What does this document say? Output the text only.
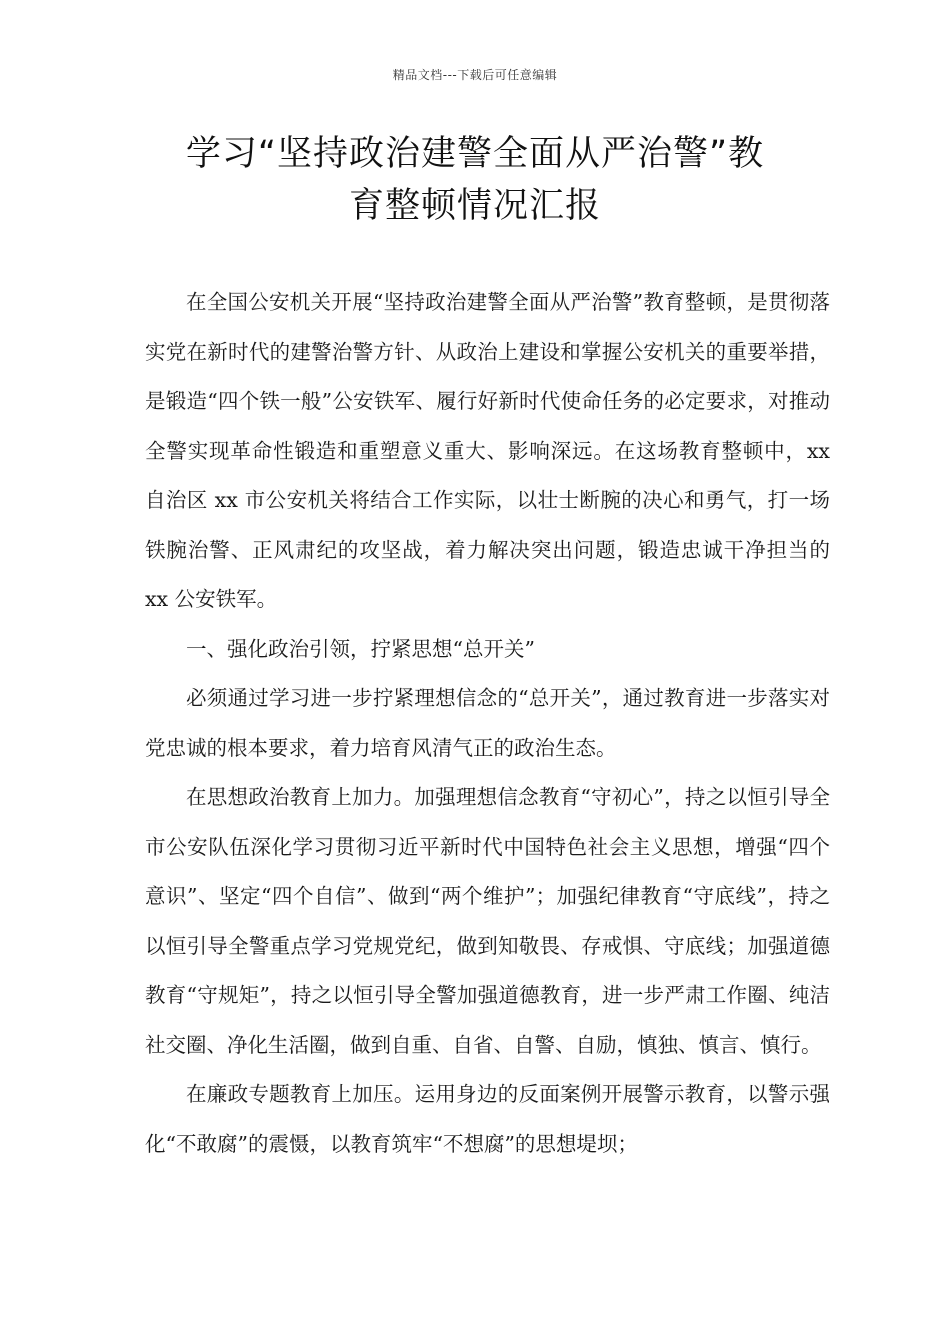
精品文档---下载后可任意编辑
学习“坚持政治建警全面从严治警”教
育整顿情况汇报

在全国公安机关开展“坚持政治建警全面从严治警”教育整顿，是贯彻落实党在新时代的建警治警方针、从政治上建设和掌握公安机关的重要举措，是锻造“四个铁一般”公安铁军、履行好新时代使命任务的必定要求，对推动全警实现革命性锻造和重塑意义重大、影响深远。在这场教育整顿中，xx 自治区 xx 市公安机关将结合工作实际，以壮士断腕的决心和勇气，打一场铁腕治警、正风肃纪的攻坚战，着力解决突出问题，锻造忠诚干净担当的 xx 公安铁军。

一、强化政治引领，拧紧思想“总开关”

必须通过学习进一步拧紧理想信念的“总开关”，通过教育进一步落实对党忠诚的根本要求，着力培育风清气正的政治生态。

在思想政治教育上加力。加强理想信念教育“守初心”，持之以恒引导全市公安队伍深化学习贯彻习近平新时代中国特色社会主义思想，增强“四个意识”、坚定“四个自信”、做到“两个维护”；加强纪律教育“守底线”，持之以恒引导全警重点学习党规党纪，做到知敬畏、存戒惧、守底线；加强道德教育“守规矩”，持之以恒引导全警加强道德教育，进一步严肃工作圈、纯洁社交圈、净化生活圈，做到自重、自省、自警、自励，慎独、慎言、慎行。

在廉政专题教育上加压。运用身边的反面案例开展警示教育，以警示强化“不敢腐”的震慑，以教育筑牢“不想腐”的思想堤坝；
